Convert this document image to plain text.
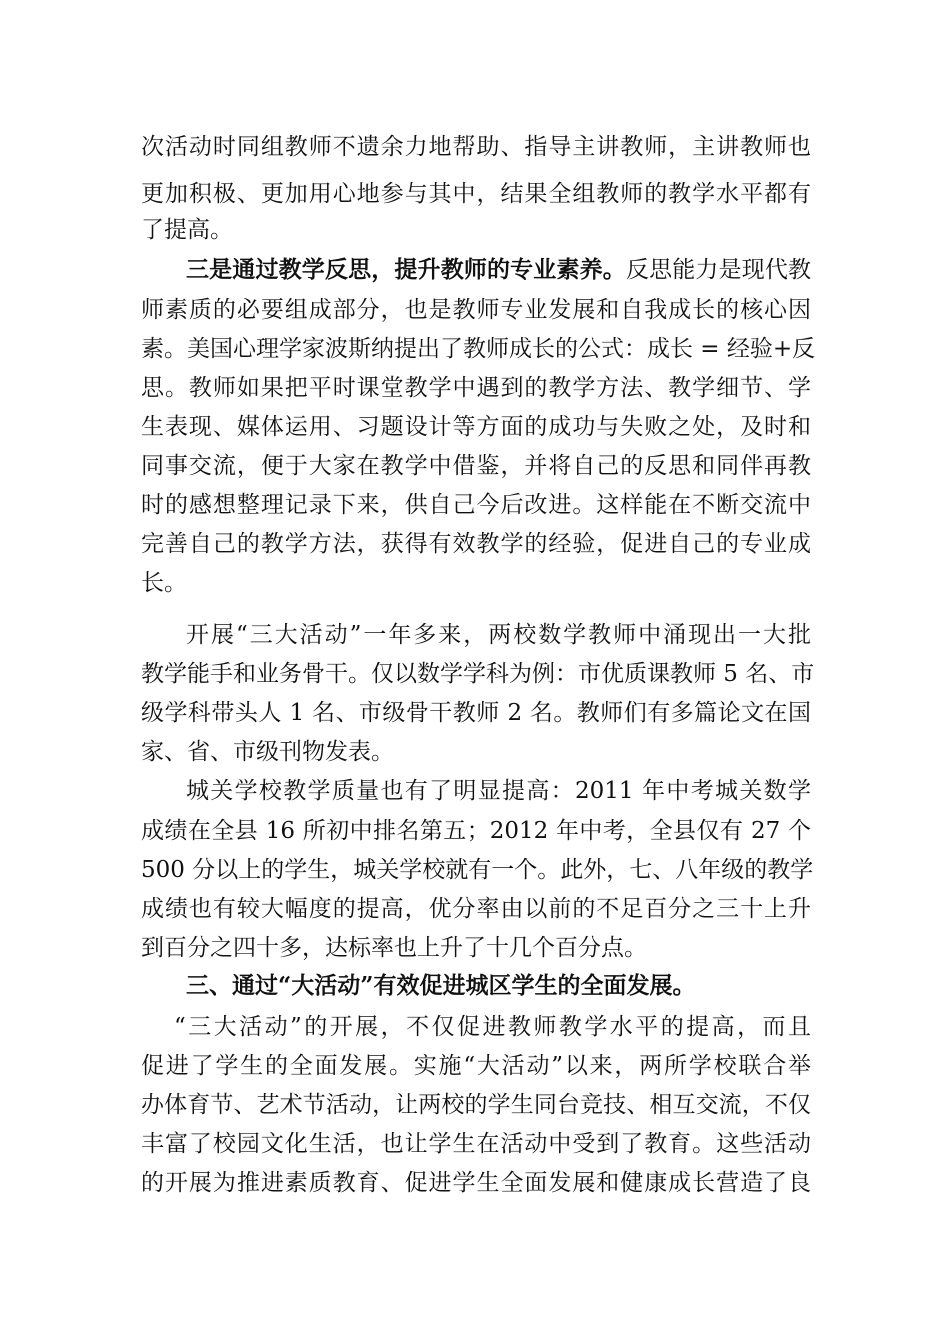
次活动时同组教师不遗余力地帮助、指导主讲教师，主讲教师也
更加积极、更加用心地参与其中，结果全组教师的教学水平都有
了提高。
三是通过教学反思，提升教师的专业素养。反思能力是现代教
师素质的必要组成部分，也是教师专业发展和自我成长的核心因
素。美国心理学家波斯纳提出了教师成长的公式：成长 = 经验+反
思。教师如果把平时课堂教学中遇到的教学方法、教学细节、学
生表现、媒体运用、习题设计等方面的成功与失败之处，及时和
同事交流，便于大家在教学中借鉴，并将自己的反思和同伴再教
时的感想整理记录下来，供自己今后改进。这样能在不断交流中
完善自己的教学方法，获得有效教学的经验，促进自己的专业成
长。
开展“三大活动”一年多来，两校数学教师中涌现出一大批
教学能手和业务骨干。仅以数学学科为例：市优质课教师 5 名、市
级学科带头人 1 名、市级骨干教师 2 名。教师们有多篇论文在国
家、省、市级刊物发表。
城关学校教学质量也有了明显提高：2011 年中考城关数学
成绩在全县 16 所初中排名第五；2012 年中考，全县仅有 27 个
500 分以上的学生，城关学校就有一个。此外，七、八年级的教学
成绩也有较大幅度的提高，优分率由以前的不足百分之三十上升
到百分之四十多，达标率也上升了十几个百分点。
三、通过“大活动”有效促进城区学生的全面发展。
“三大活动”的开展，不仅促进教师教学水平的提高，而且
促进了学生的全面发展。实施“大活动”以来，两所学校联合举
办体育节、艺术节活动，让两校的学生同台竞技、相互交流，不仅
丰富了校园文化生活，也让学生在活动中受到了教育。这些活动
的开展为推进素质教育、促进学生全面发展和健康成长营造了良
